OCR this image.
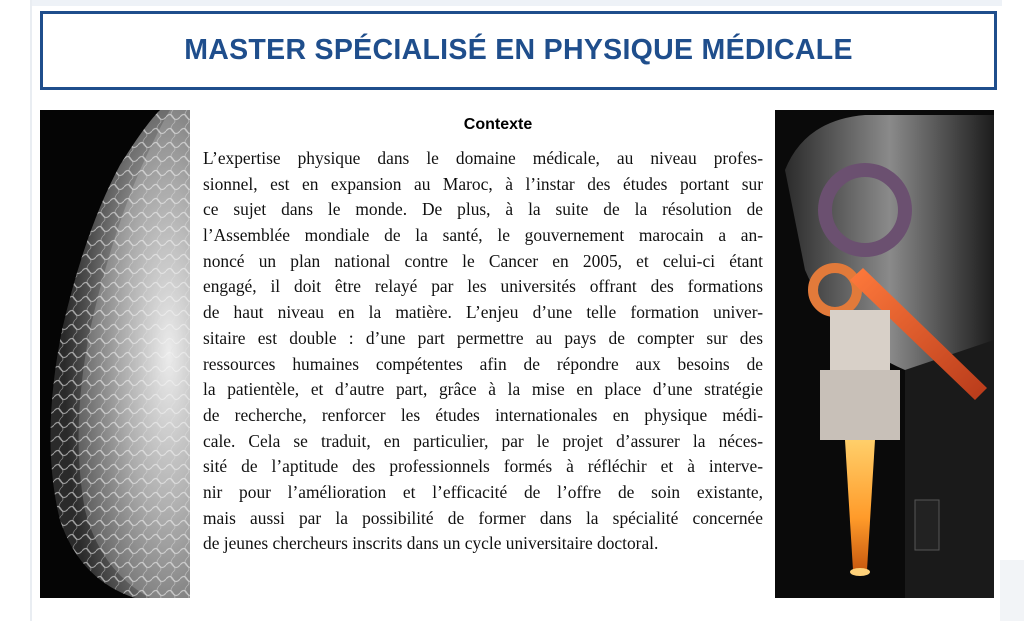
MASTER SPÉCIALISÉ EN PHYSIQUE MÉDICALE
Contexte
L’expertise physique dans le domaine médicale, au niveau profes-
sionnel, est en expansion au Maroc, à l’instar des études portant sur
ce sujet dans le monde. De plus, à la suite de la résolution de
l’Assemblée mondiale de la santé, le gouvernement marocain a an-
noncé un plan national contre le Cancer en 2005, et celui-ci étant
engagé, il doit être relayé par les universités offrant des formations
de haut niveau en la matière. L’enjeu d’une telle formation univer-
sitaire est double : d’une part permettre au pays de compter sur des
ressources humaines compétentes afin de répondre aux besoins de
la patientèle, et d’autre part, grâce à la mise en place d’une stratégie
de recherche, renforcer les études internationales en physique médi-
cale. Cela se traduit, en particulier, par le projet d’assurer la néces-
sité de l’aptitude des professionnels formés à réfléchir et à interve-
nir pour l’amélioration et l’efficacité de l’offre de soin existante,
mais aussi par la possibilité de former dans la spécialité concernée
de jeunes chercheurs inscrits dans un cycle universitaire doctoral.
